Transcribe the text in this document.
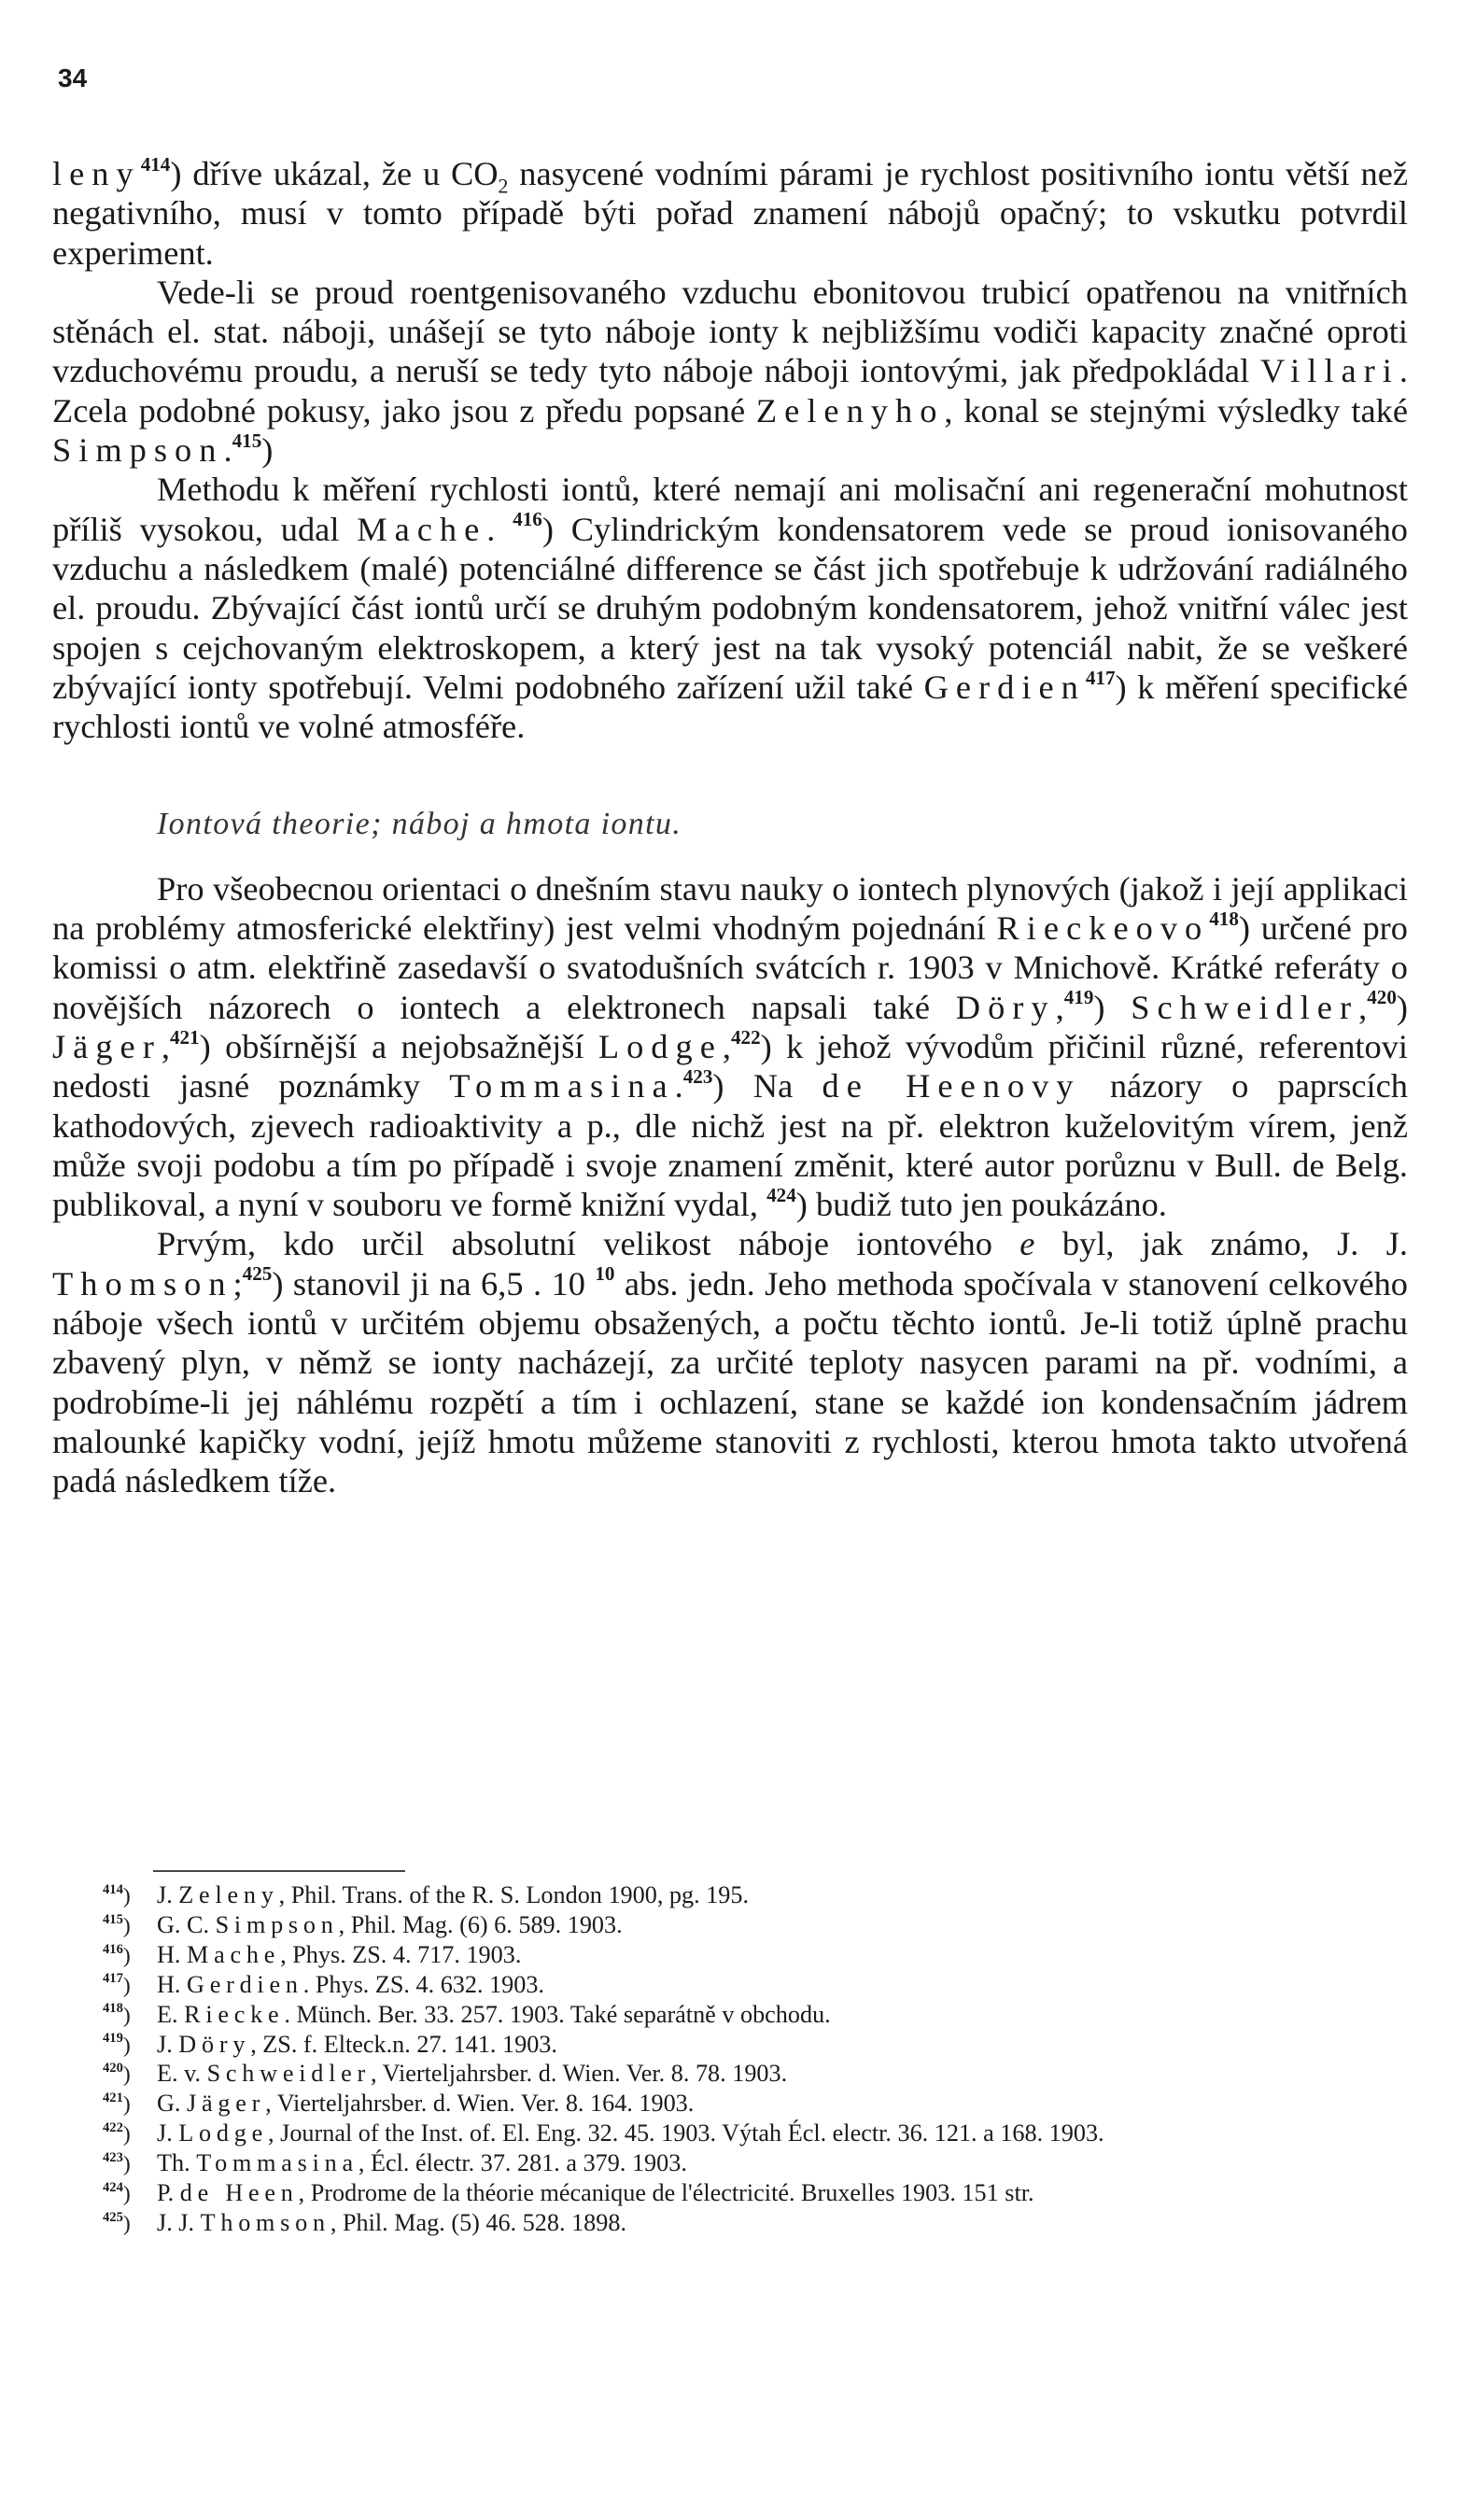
34

leny$^{414}$) dříve ukázal, že u $CO_2$ nasycené vodními párami je rychlost positivního iontu větší než negativního, musí v tomto případě býti pořad znamení nábojů opačný; to vskutku potvrdil experiment.

Vede-li se proud roentgenisovaného vzduchu ebonitovou trubicí opatřenou na vnitřních stěnách el. stat. náboji, unášejí se tyto náboje ionty k nejbližšímu vodiči kapacity značné oproti vzduchovému proudu, a neruší se tedy tyto náboje náboji iontovými, jak předpokládal Villari. Zcela podobné pokusy, jako jsou z předu popsané Zelenyho, konal se stejnými výsledky také Simpson.$^{415}$)

Methodu k měření rychlosti iontů, které nemají ani molisační ani regenerační mohutnost příliš vysokou, udal Mache. $^{416}$) Cylindrickým kondensatorem vede se proud ionisovaného vzduchu a následkem (malé) potenciálné difference se část jich spotřebuje k udržování radiálného el. proudu. Zbývající část iontů určí se druhým podobným kondensatorem, jehož vnitřní válec jest spojen s cejchovaným elektroskopem, a který jest na tak vysoký potenciál nabit, že se veškeré zbývající ionty spotřebují. Velmi podobného zařízení užil také Gerdien$^{417}$) k měření specifické rychlosti iontů ve volné atmosféře.

Iontová theorie; náboj a hmota iontu.

Pro všeobecnou orientaci o dnešním stavu nauky o iontech plynových (jakož i její applikaci na problémy atmosferické elektřiny) jest velmi vhodným pojednání Rieckeovo$^{418}$) určené pro komissi o atm. elektřině zasedavší o svatodušních svátcích r. 1903 v Mnichově. Krátké referáty o novějších názorech o iontech a elektronech napsali také Döry,$^{419}$) Schweidler,$^{420}$) Jäger,$^{421}$) obšírnější a nejobsažnější Lodge,$^{422}$) k jehož vývodům přičinil různé, referentovi nedosti jasné poznámky Tommasina.$^{423}$) Na de Heenovy názory o paprscích kathodových, zjevech radioaktivity a p., dle nichž jest na př. elektron kuželovitým vírem, jenž může svoji podobu a tím po případě i svoje znamení změnit, které autor porůznu v Bull. de Belg. publikoval, a nyní v souboru ve formě knižní vydal, $^{424}$) budiž tuto jen poukázáno.

Prvým, kdo určil absolutní velikost náboje iontového e byl, jak známo, J. J. Thomson;$^{425}$) stanovil ji na 6,5 . 10 $^{10}$ abs. jedn. Jeho methoda spočívala v stanovení celkového náboje všech iontů v určitém objemu obsažených, a počtu těchto iontů. Je-li totiž úplně prachu zbavený plyn, v němž se ionty nacházejí, za určité teploty nasycen parami na př. vodními, a podrobíme-li jej náhlému rozpětí a tím i ochlazení, stane se každé ion kondensačním jádrem malounké kapičky vodní, jejíž hmotu můžeme stanoviti z rychlosti, kterou hmota takto utvořená padá následkem tíže.

$^{414}$) J. Zeleny, Phil. Trans. of the R. S. London 1900, pg. 195.

$^{415}$) G. C. Simpson, Phil. Mag. (6) 6. 589. 1903.

$^{416}$) H. Mache, Phys. ZS. 4. 717. 1903.

$^{417}$) H. Gerdien. Phys. ZS. 4. 632. 1903.

$^{418}$) E. Riecke. Münch. Ber. 33. 257. 1903. Také separátně v obchodu.

$^{419}$) J. Döry, ZS. f. Elteck.n. 27. 141. 1903.

$^{420}$) E. v. Schweidler, Vierteljahrsber. d. Wien. Ver. 8. 78. 1903.

$^{421}$) G. Jäger, Vierteljahrsber. d. Wien. Ver. 8. 164. 1903.

$^{422}$) J. Lodge, Journal of the Inst. of. El. Eng. 32. 45. 1903. Výtah Écl. electr. 36. 121. a 168. 1903.

$^{423}$) Th. Tommasina, Écl. électr. 37. 281. a 379. 1903.

$^{424}$) P. de Heen, Prodrome de la théorie mécanique de l'électricité. Bruxelles 1903. 151 str.

$^{425}$) J. J. Thomson, Phil. Mag. (5) 46. 528. 1898.
